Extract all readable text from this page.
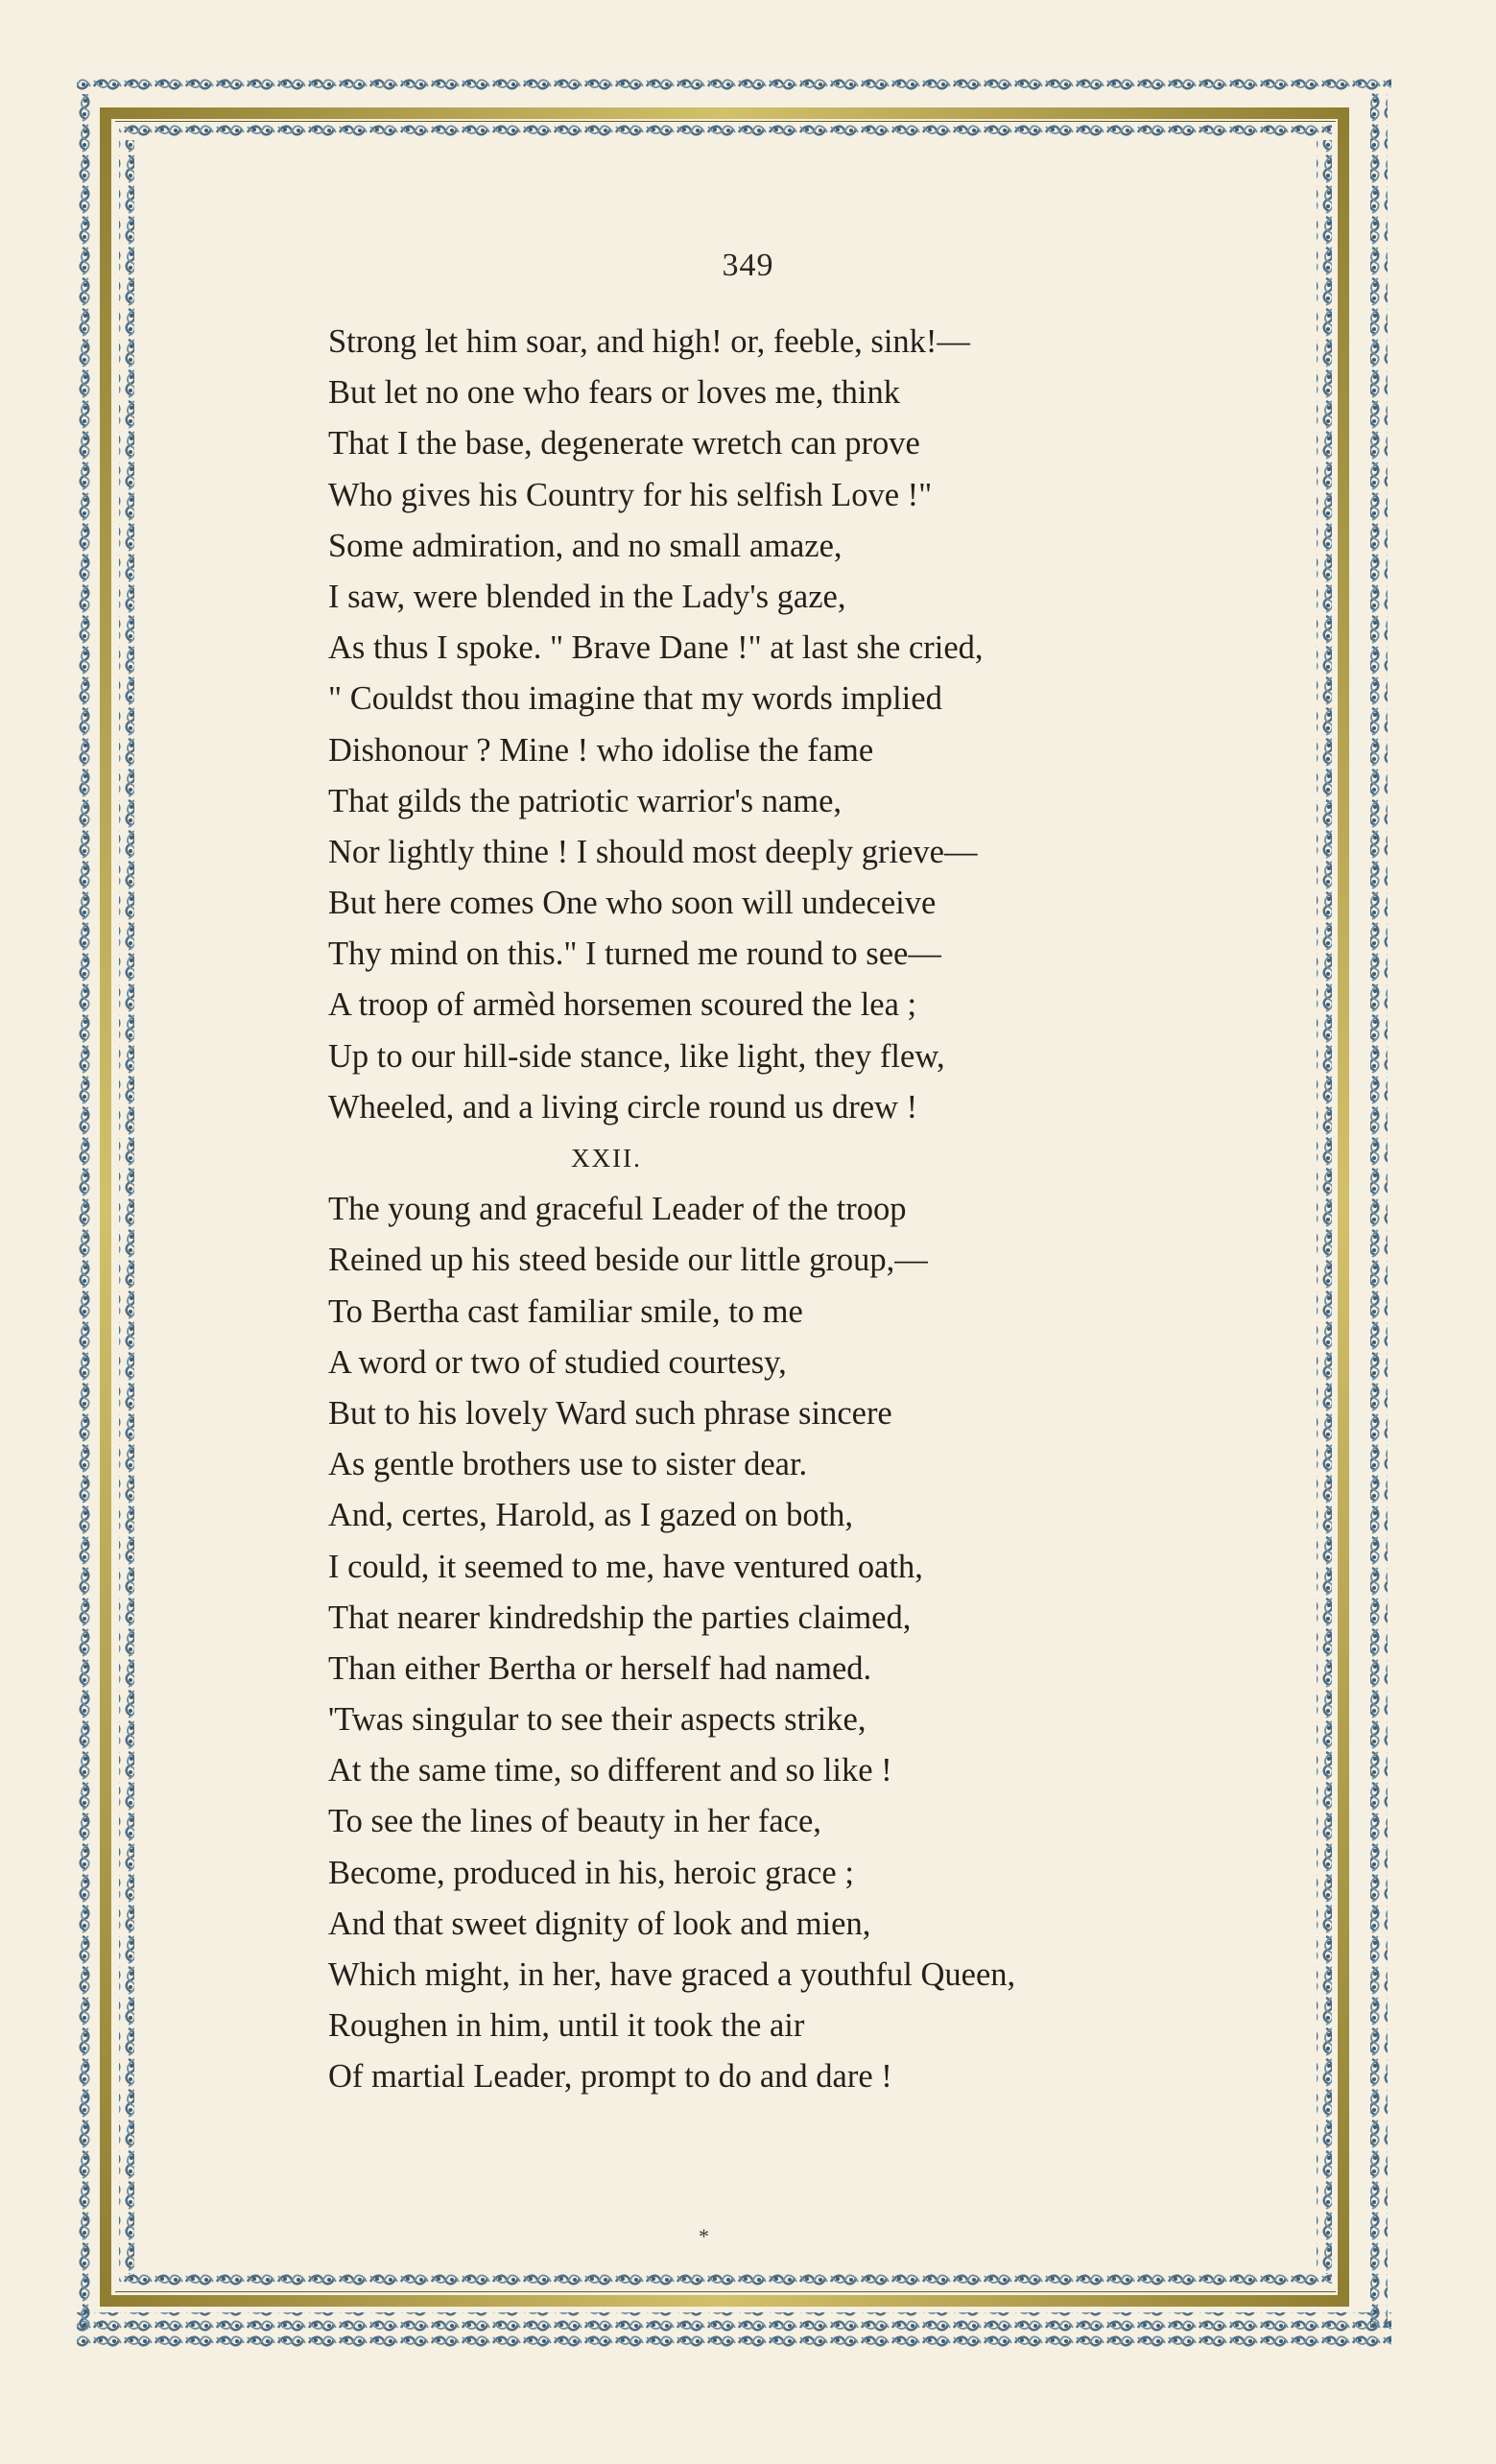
349
Strong let him soar, and high! or, feeble, sink!—
But let no one who fears or loves me, think
That I the base, degenerate wretch can prove
Who gives his Country for his selfish Love !"
Some admiration, and no small amaze,
I saw, were blended in the Lady's gaze,
As thus I spoke. " Brave Dane !" at last she cried,
" Couldst thou imagine that my words implied
Dishonour ? Mine ! who idolise the fame
That gilds the patriotic warrior's name,
Nor lightly thine ! I should most deeply grieve—
But here comes One who soon will undeceive
Thy mind on this." I turned me round to see—
A troop of armèd horsemen scoured the lea ;
Up to our hill-side stance, like light, they flew,
Wheeled, and a living circle round us drew !
XXII.
The young and graceful Leader of the troop
Reined up his steed beside our little group,—
To Bertha cast familiar smile, to me
A word or two of studied courtesy,
But to his lovely Ward such phrase sincere
As gentle brothers use to sister dear.
And, certes, Harold, as I gazed on both,
I could, it seemed to me, have ventured oath,
That nearer kindredship the parties claimed,
Than either Bertha or herself had named.
'Twas singular to see their aspects strike,
At the same time, so different and so like !
To see the lines of beauty in her face,
Become, produced in his, heroic grace ;
And that sweet dignity of look and mien,
Which might, in her, have graced a youthful Queen,
Roughen in him, until it took the air
Of martial Leader, prompt to do and dare !
*
